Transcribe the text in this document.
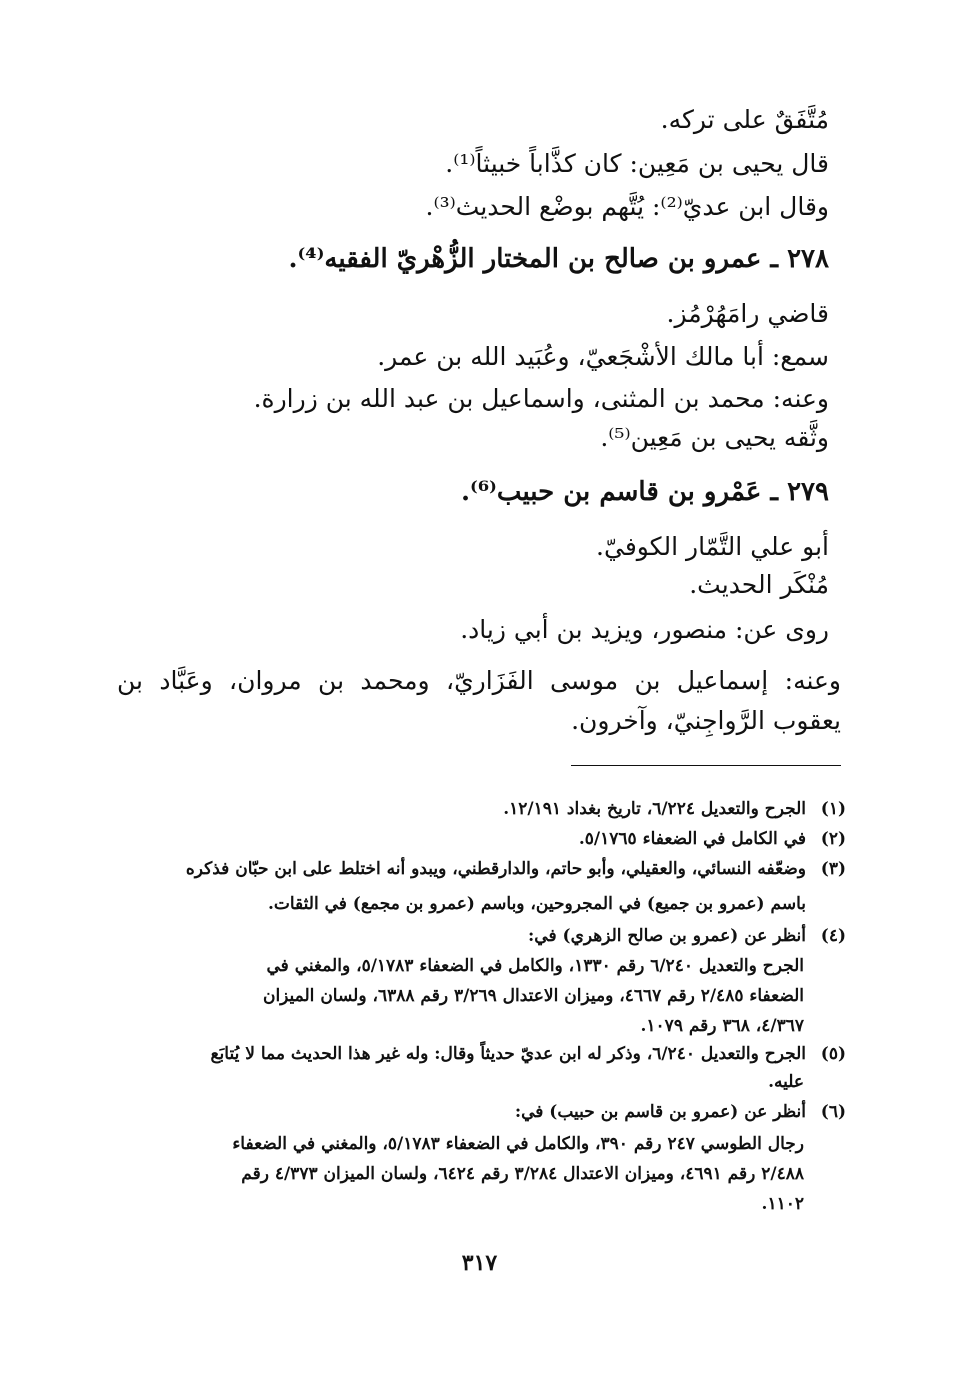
مُتَّفَقٌ على تركه.
قال يحيى بن مَعِين: كان كذَّاباً خبيثاً⁽¹⁾.
وقال ابن عديّ⁽²⁾: يُتَّهم بوضْع الحديث⁽³⁾.
٢٧٨ ـ عمرو بن صالح بن المختار الزُّهْريّ الفقيه⁽⁴⁾.
قاضي رامَهُرْمُز.
سمع: أبا مالك الأشْجَعيّ، وعُبَيد الله بن عمر.
وعنه: محمد بن المثنى، واسماعيل بن عبد الله بن زرارة.
وثَّقه يحيى بن مَعِين⁽⁵⁾.
٢٧٩ ـ عَمْرو بن قاسم بن حبيب⁽⁶⁾.
أبو علي التَّمّار الكوفيّ.
مُنْكَر الحديث.
روى عن: منصور، ويزيد بن أبي زياد.
وعنه: إسماعيل بن موسى الفَزَاريّ، ومحمد بن مروان، وعَبَّاد بن
يعقوب الرَّواجِنيّ، وآخرون.
(١)الجرح والتعديل ٦/٢٢٤، تاريخ بغداد ١٢/١٩١.
(٢)في الكامل في الضعفاء ٥/١٧٦٥.
(٣)وضعّفه النسائي، والعقيلي، وأبو حاتم، والدارقطني، ويبدو أنه اختلط على ابن حبّان فذكره
باسم (عمرو بن جميع) في المجروحين، وباسم (عمرو بن مجمع) في الثقات.
(٤)أنظر عن (عمرو بن صالح الزهري) في:
الجرح والتعديل ٦/٢٤٠ رقم ١٣٣٠، والكامل في الضعفاء ٥/١٧٨٣، والمغني في
الضعفاء ٢/٤٨٥ رقم ٤٦٦٧، وميزان الاعتدال ٣/٢٦٩ رقم ٦٣٨٨، ولسان الميزان
٤/٣٦٧، ٣٦٨ رقم ١٠٧٩.
(٥)الجرح والتعديل ٦/٢٤٠، وذكر له ابن عديّ حديثاً وقال: وله غير هذا الحديث مما لا يُتابَع
عليه.
(٦)أنظر عن (عمرو بن قاسم بن حبيب) في:
رجال الطوسي ٢٤٧ رقم ٣٩٠، والكامل في الضعفاء ٥/١٧٨٣، والمغني في الضعفاء
٢/٤٨٨ رقم ٤٦٩١، وميزان الاعتدال ٣/٢٨٤ رقم ٦٤٢٤، ولسان الميزان ٤/٣٧٣ رقم
١١٠٢.
٣١٧
